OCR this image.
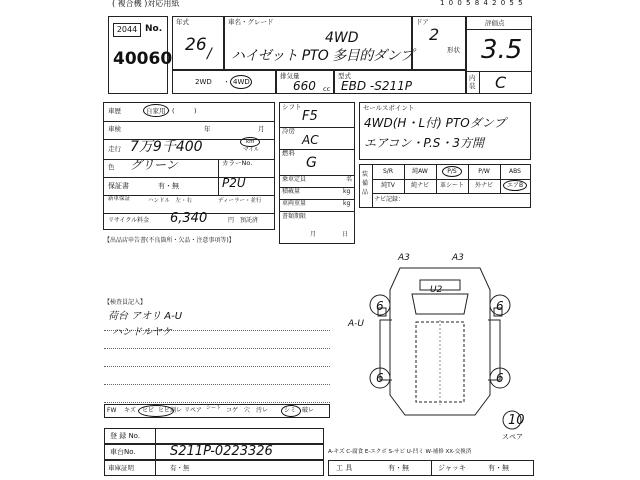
( 複合機 )対応用紙	1 0 0 5 8 4 2 0 5 5
2044 No.
40060
年式
26 /
車名・グレード
4WD
ハイゼット PTO 多目的ダンプ
ドア
2
形状
評価点
3.5
内装 C
2WD ・ 4WD
排気量
660 cc
型式
EBD -S211P
車歴	自家用・(　　　)
車検	年	月
走行 7万9千400	km
マイル
色 グリーン	カラーNo.
保証書	有・無	P2U
新車保証	ハンドル　左・右	ディーラー・並行
リサイクル料金 6,340	円 預託済
【出品店申告書(不良箇所・欠品・注意事項等)】
シフト
F5
冷房
AC
燃料
G
乗車定員	名
積載量	kg
車両重量	kg
書類期限
月	日
セールスポイント
4WD(H・L付) PTOダンプ
エアコン・P.S・3方開
装備品
S/R	純AW	P/S	P/W	ABS
純TV	純ナビ	革シート	外ナビ	エアB
ナビ記録：
【検査員記入】
荷台 アオリ A-U
ハンドルヤケ
FW キズ ヒビ ヒビ割レ リペア シート コゲ 穴 汚レ	シミ 破レ
A3	A3
U2
A-U
6	6
6	6
10
スペア
登 録 No.
車台No.	S211P-0223326
車庫証明	有・無
A-キズ C-腐食 E-エクボ S-サビ U-凹ミ W-補修 XX-交換済
工 具	有・無	ジャッキ	有・無
